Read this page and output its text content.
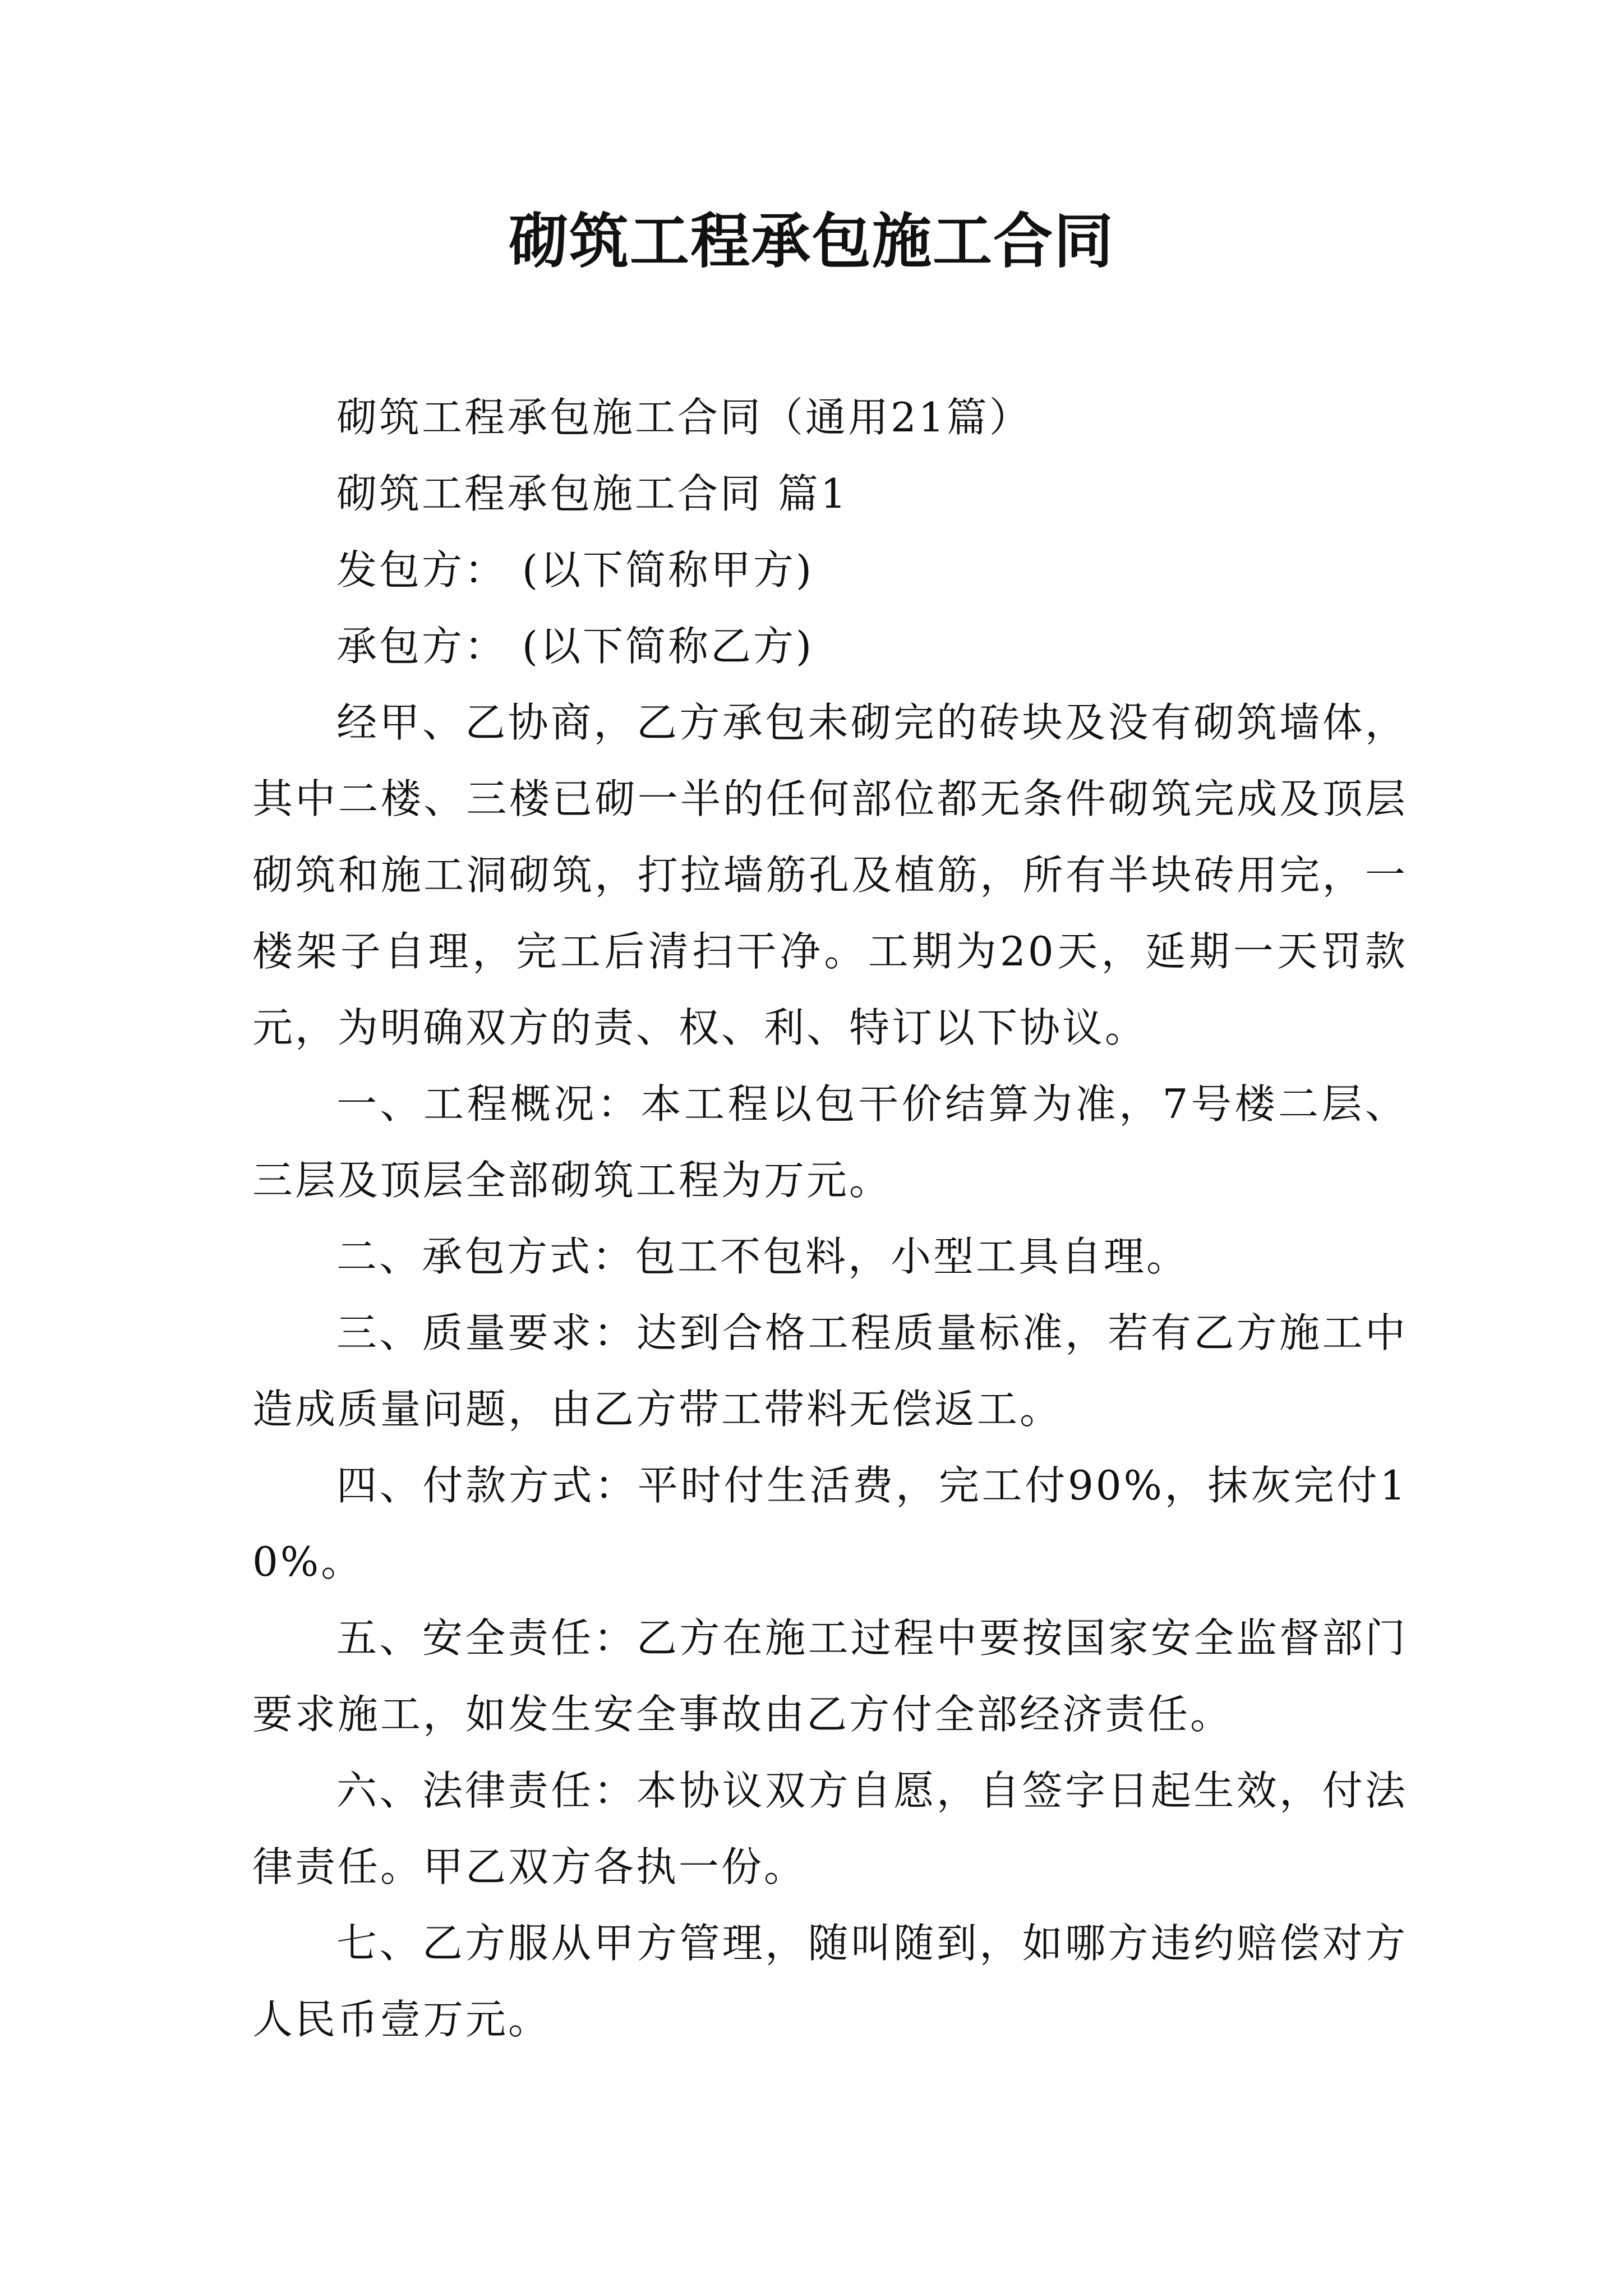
砌筑工程承包施工合同

砌筑工程承包施工合同（通用21篇）

砌筑工程承包施工合同 篇1

发包方： (以下简称甲方)

承包方： (以下简称乙方)

经甲、乙协商，乙方承包未砌完的砖块及没有砌筑墙体，其中二楼、三楼已砌一半的任何部位都无条件砌筑完成及顶层砌筑和施工洞砌筑，打拉墙筋孔及植筋，所有半块砖用完，一楼架子自理，完工后清扫干净。工期为20天，延期一天罚款元，为明确双方的责、权、利、特订以下协议。

一、工程概况：本工程以包干价结算为准，7号楼二层、三层及顶层全部砌筑工程为万元。

二、承包方式：包工不包料，小型工具自理。

三、质量要求：达到合格工程质量标准，若有乙方施工中造成质量问题，由乙方带工带料无偿返工。

四、付款方式：平时付生活费，完工付90%，抹灰完付10%。

五、安全责任：乙方在施工过程中要按国家安全监督部门要求施工，如发生安全事故由乙方付全部经济责任。

六、法律责任：本协议双方自愿，自签字日起生效，付法律责任。甲乙双方各执一份。

七、乙方服从甲方管理，随叫随到，如哪方违约赔偿对方人民币壹万元。
